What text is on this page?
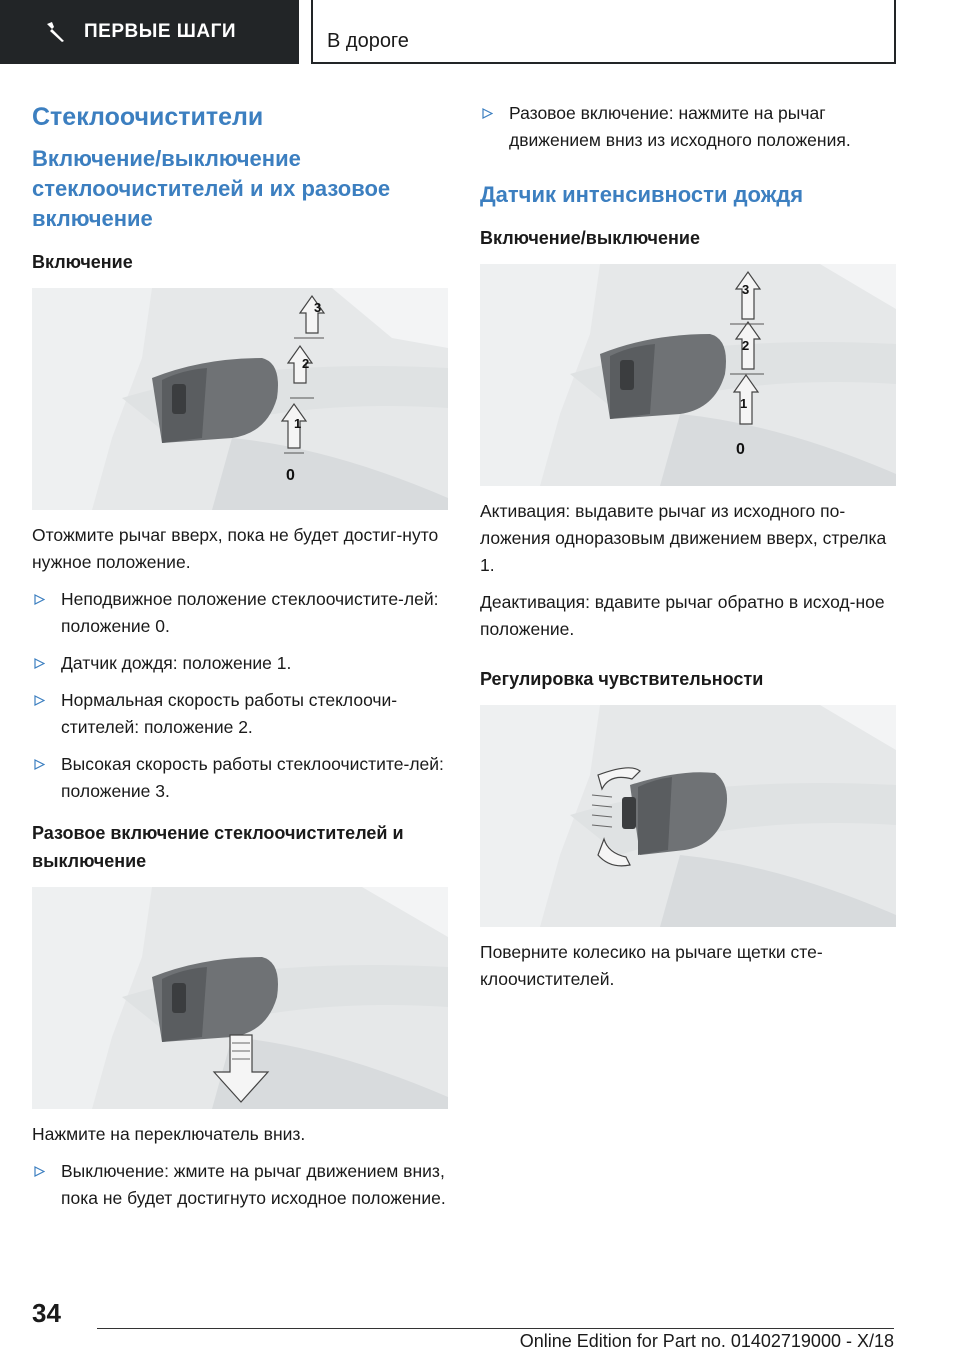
ПЕРВЫЕ ШАГИ	В дороге
Стеклоочистители
Включение/выключение стеклоочистителей и их разовое включение
Включение
3
2
1
0

Отожмите рычаг вверх, пока не будет достиг-нуто нужное положение.

Неподвижное положение стеклоочистите-лей: положение 0.
Датчик дождя: положение 1.
Нормальная скорость работы стеклоочи-стителей: положение 2.
Высокая скорость работы стеклоочистите-лей: положение 3.
Разовое включение стеклоочистителей и выключение

Нажмите на переключатель вниз.

Выключение: жмите на рычаг движением вниз, пока не будет достигнуто исходное положение.
Разовое включение: нажмите на рычаг движением вниз из исходного положения.
Датчик интенсивности дождя
Включение/выключение
3
2
1
0

Активация: выдавите рычаг из исходного по-ложения одноразовым движением вверх, стрелка 1.

Деактивация: вдавите рычаг обратно в исход-ное положение.

Регулировка чувствительности

Поверните колесико на рычаге щетки сте-клоочистителей.

34
Online Edition for Part no. 01402719000 - X/18
